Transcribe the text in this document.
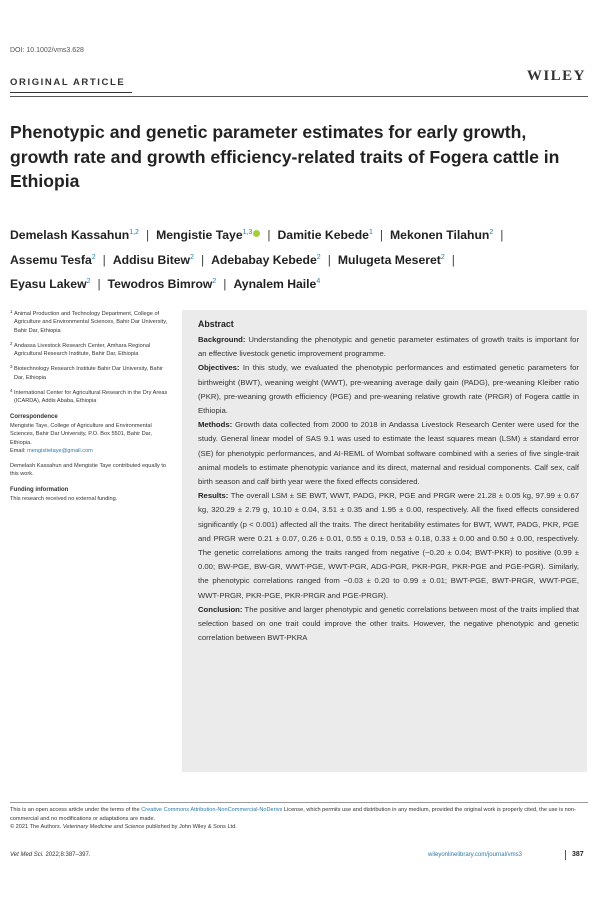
DOI: 10.1002/vms3.628
ORIGINAL ARTICLE	WILEY
Phenotypic and genetic parameter estimates for early growth, growth rate and growth efficiency-related traits of Fogera cattle in Ethiopia
Demelash Kassahun$^{1,2}$ | Mengistie Taye$^{1,3}$ | Damitie Kebede$^1$ | Mekonen Tilahun$^2$ |
Assemu Tesfa$^2$ | Addisu Bitew$^2$ | Adebabay Kebede$^2$ | Mulugeta Meseret$^2$ |
Eyasu Lakew$^2$ | Tewodros Bimrow$^2$ | Aynalem Haile$^4$
1 Animal Production and Technology Department, College of Agriculture and Environmental Sciences, Bahir Dar University, Bahir Dar, Ethiopia
2 Andassa Livestock Research Center, Amhara Regional Agricultural Research Institute, Bahir Dar, Ethiopia
3 Biotechnology Research Institute Bahir Dar University, Bahir Dar, Ethiopia
4 International Center for Agricultural Research in the Dry Areas (ICARDA), Addis Ababa, Ethiopia
Correspondence
Mengistie Taye, College of Agriculture and Environmental Sciences, Bahir Dar University, P.O. Box 5501, Bahir Dar, Ethiopia.
Email: mengistietaye@gmail.com
Demelash Kassahun and Mengistie Taye contributed equally to this work.
Funding information
This research received no external funding.
Abstract
Background: Understanding the phenotypic and genetic parameter estimates of growth traits is important for an effective livestock genetic improvement programme.
Objectives: In this study, we evaluated the phenotypic performances and estimated genetic parameters for birthweight (BWT), weaning weight (WWT), pre-weaning average daily gain (PADG), pre-weaning Kleiber ratio (PKR), pre-weaning growth efficiency (PGE) and pre-weaning relative growth rate (PRGR) of Fogera cattle in Ethiopia.
Methods: Growth data collected from 2000 to 2018 in Andassa Livestock Research Center were used for the study. General linear model of SAS 9.1 was used to estimate the least squares mean (LSM) ± standard error (SE) for phenotypic performances, and AI-REML of Wombat software combined with a series of five single-trait animal models to estimate phenotypic variance and its direct, maternal and residual components. Calf sex, calf birth season and calf birth year were the fixed effects considered.
Results: The overall LSM ± SE BWT, WWT, PADG, PKR, PGE and PRGR were 21.28 ± 0.05 kg, 97.99 ± 0.67 kg, 320.29 ± 2.79 g, 10.10 ± 0.04, 3.51 ± 0.35 and 1.95 ± 0.00, respectively. All the fixed effects considered significantly (p < 0.001) affected all the traits. The direct heritability estimates for BWT, WWT, PADG, PKR, PGE and PRGR were 0.21 ± 0.07, 0.26 ± 0.01, 0.55 ± 0.19, 0.53 ± 0.18, 0.33 ± 0.00 and 0.50 ± 0.00, respectively. The genetic correlations among the traits ranged from negative (−0.20 ± 0.04; BWT-PKR) to positive (0.99 ± 0.00; BW-PGE, BW-GR, WWT-PGE, WWT-PGR, ADG-PGR, PKR-PGR, PKR-PGE and PGE-PGR). Similarly, the phenotypic correlations ranged from −0.03 ± 0.20 to 0.99 ± 0.01; BWT-PGE, BWT-PRGR, WWT-PGE, WWT-PRGR, PKR-PGE, PKR-PRGR and PGE-PRGR).
Conclusion: The positive and larger phenotypic and genetic correlations between most of the traits implied that selection based on one trait could improve the other traits. However, the negative phenotypic and genetic correlation between BWT-PKRA
This is an open access article under the terms of the Creative Commons Attribution-NonCommercial-NoDerivs License, which permits use and distribution in any medium, provided the original work is properly cited, the use is non-commercial and no modifications or adaptations are made.
© 2021 The Authors. Veterinary Medicine and Science published by John Wiley & Sons Ltd.
Vet Med Sci. 2022;8:387–397.	wileyonlinelibrary.com/journal/vms3	387
